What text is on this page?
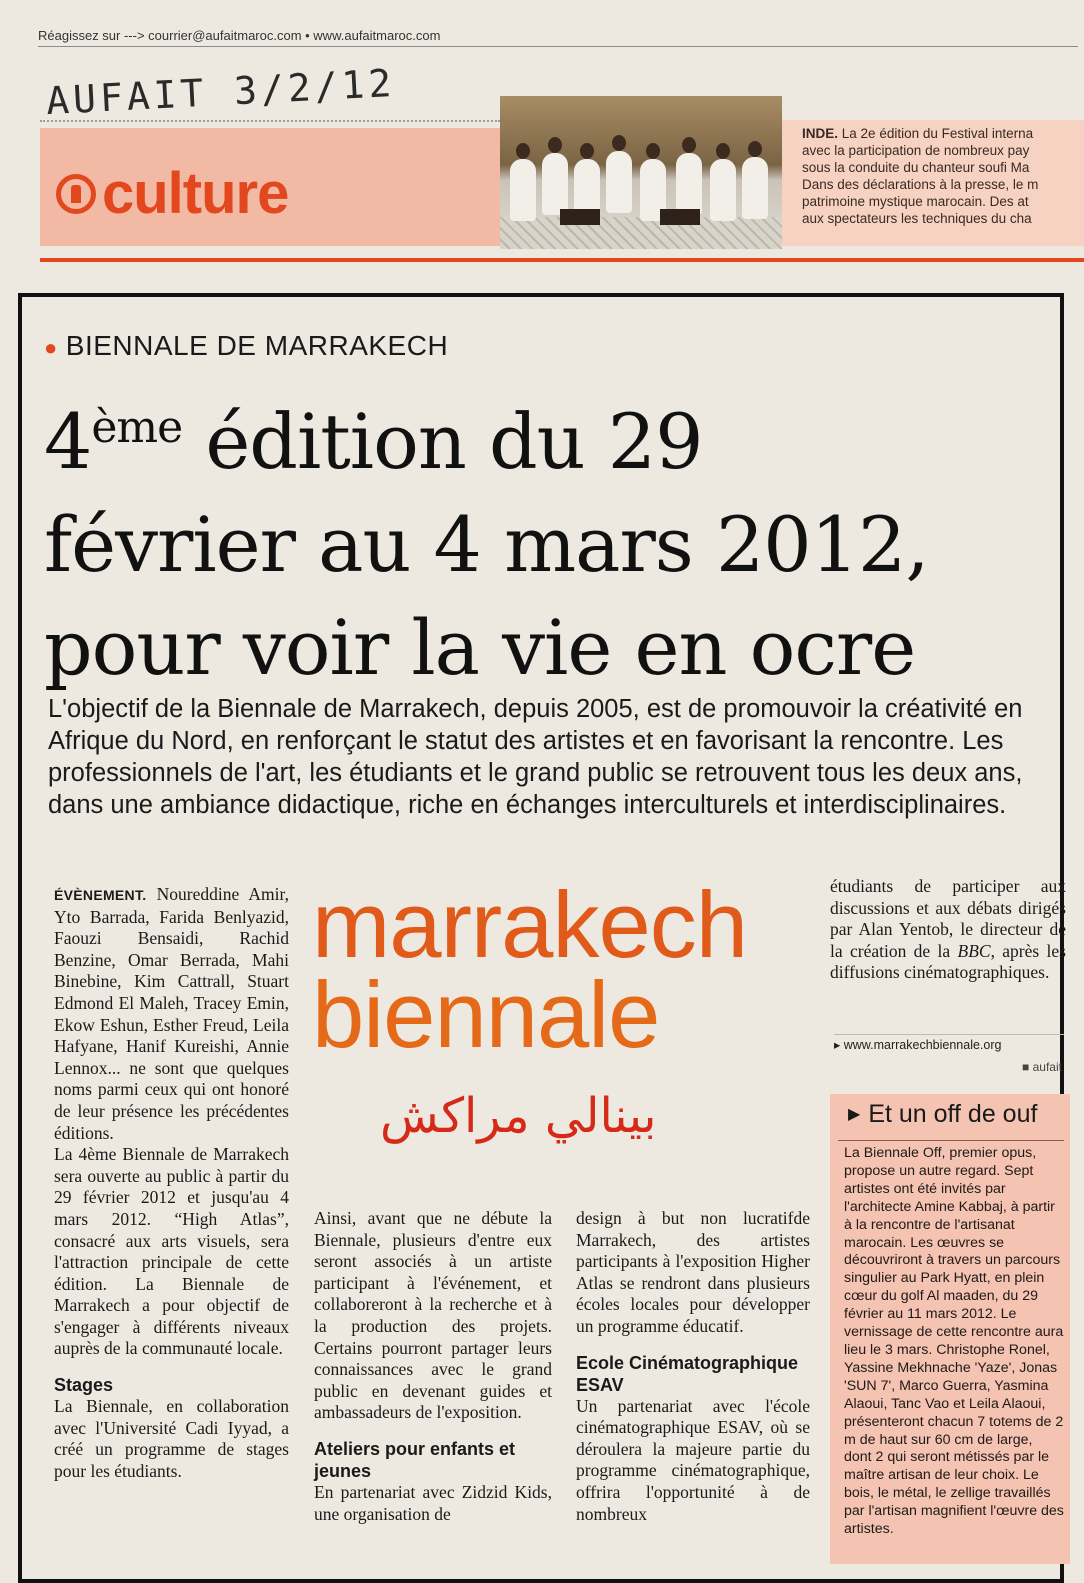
Réagissez sur ---> courrier@aufaitmaroc.com • www.aufaitmaroc.com
AUFAIT 3/2/12
culture
INDE. La 2e édition du Festival interna
avec la participation de nombreux pay
sous la conduite du chanteur soufi Ma
Dans des déclarations à la presse, le m
patrimoine mystique marocain. Des at
aux spectateurs les techniques du cha
● BIENNALE DE MARRAKECH
4ème édition du 29
février au 4 mars 2012,
pour voir la vie en ocre
L'objectif de la Biennale de Marrakech, depuis 2005, est de promouvoir la créativité en Afrique du Nord, en renforçant le statut des artistes et en favorisant la rencontre. Les professionnels de l'art, les étudiants et le grand public se retrouvent tous les deux ans, dans une ambiance didactique, riche en échanges interculturels et interdisciplinaires.

ÉVÈNEMENT. Noureddine Amir, Yto Barrada, Farida Benlyazid, Faouzi Bensaidi, Rachid Benzine, Omar Berrada, Mahi Binebine, Kim Cattrall, Stuart Edmond El Maleh, Tracey Emin, Ekow Eshun, Esther Freud, Leila Hafyane, Hanif Kureishi, Annie Lennox... ne sont que quelques noms parmi ceux qui ont honoré de leur présence les précédentes éditions.

La 4ème Biennale de Marrakech sera ouverte au public à partir du 29 février 2012 et jusqu'au 4 mars 2012. “High Atlas”, consacré aux arts visuels, sera l'attraction principale de cette édition. La Biennale de Marrakech a pour objectif de s'engager à différents niveaux auprès de la communauté locale.

Stages

La Biennale, en collaboration avec l'Université Cadi Iyyad, a créé un programme de stages pour les étudiants.

marrakech
biennale
بينالي مراكش

Ainsi, avant que ne débute la Biennale, plusieurs d'entre eux seront associés à un artiste participant à l'événement, et collaboreront à la recherche et à la production des projets. Certains pourront partager leurs connaissances avec le grand public en devenant guides et ambassadeurs de l'exposition.

Ateliers pour enfants et jeunes

En partenariat avec Zidzid Kids, une organisation de

design à but non lucratifde Marrakech, des artistes participants à l'exposition Higher Atlas se rendront dans plusieurs écoles locales pour développer un programme éducatif.

Ecole Cinématographique ESAV

Un partenariat avec l'école cinématographique ESAV, où se déroulera la majeure partie du programme cinématographique, offrira l'opportunité à de nombreux

étudiants de participer aux discussions et aux débats dirigés par Alan Yentob, le directeur de la création de la BBC, après les diffusions cinématographiques.

▸ www.marrakechbiennale.org
■ aufait
▶ Et un off de ouf
La Biennale Off, premier opus, propose un autre regard. Sept artistes ont été invités par l'architecte Amine Kabbaj, à partir à la rencontre de l'artisanat marocain. Les œuvres se découvriront à travers un parcours singulier au Park Hyatt, en plein cœur du golf Al maaden, du 29 février au 11 mars 2012. Le vernissage de cette rencontre aura lieu le 3 mars. Christophe Ronel, Yassine Mekhnache 'Yaze', Jonas 'SUN 7', Marco Guerra, Yasmina Alaoui, Tanc Vao et Leila Alaoui, présenteront chacun 7 totems de 2 m de haut sur 60 cm de large, dont 2 qui seront métissés par le maître artisan de leur choix. Le bois, le métal, le zellige travaillés par l'artisan magnifient l'œuvre des artistes.
